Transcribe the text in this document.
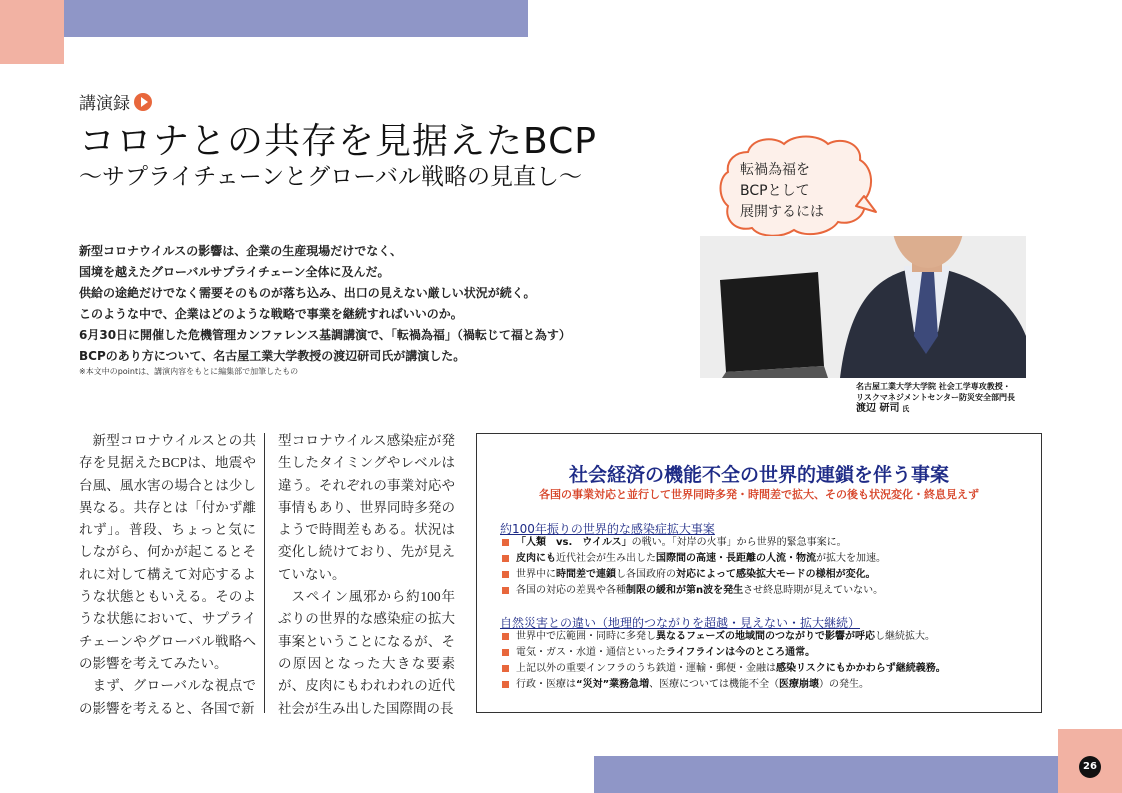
26
講演録
コロナとの共存を見据えたBCP
〜サプライチェーンとグローバル戦略の見直し〜
新型コロナウイルスの影響は、企業の生産現場だけでなく、
国境を越えたグローバルサプライチェーン全体に及んだ。
供給の途絶だけでなく需要そのものが落ち込み、出口の見えない厳しい状況が続く。
このような中で、企業はどのような戦略で事業を継続すればいいのか。
6月30日に開催した危機管理カンファレンス基調講演で、「転禍為福」（禍転じて福と為す）
BCPのあり方について、名古屋工業大学教授の渡辺研司氏が講演した。
※本文中のpointは、講演内容をもとに編集部で加筆したもの
転禍為福を
BCPとして
展開するには
名古屋工業大学大学院 社会工学専攻教授・
リスクマネジメントセンター防災安全部門長
渡辺 研司 氏

新型コロナウイルスとの共存を見据えたBCPは、地震や台風、風水害の場合とは少し異なる。共存とは「付かず離れず」。普段、ちょっと気にしながら、何かが起こるとそれに対して構えて対応するような状態ともいえる。そのような状態において、サプライチェーンやグローバル戦略への影響を考えてみたい。

まず、グローバルな視点での影響を考えると、各国で新

型コロナウイルス感染症が発生したタイミングやレベルは違う。それぞれの事業対応や事情もあり、世界同時多発のようで時間差もある。状況は変化し続けており、先が見えていない。

スペイン風邪から約100年ぶりの世界的な感染症の拡大事案ということになるが、その原因となった大きな要素が、皮肉にもわれわれの近代社会が生み出した国際間の長

社会経済の機能不全の世界的連鎖を伴う事案
各国の事業対応と並行して世界同時多発・時間差で拡大、その後も状況変化・終息見えず
約100年振りの世界的な感染症拡大事案
「人類　vs.　ウイルス」の戦い。「対岸の火事」から世界的緊急事案に。
皮肉にも近代社会が生み出した国際間の高速・長距離の人流・物流が拡大を加速。
世界中に時間差で連鎖し各国政府の対応によって感染拡大モードの様相が変化。
各国の対応の差異や各種制限の緩和が第n波を発生させ終息時期が見えていない。
自然災害との違い（地理的つながりを超越・見えない・拡大継続）
世界中で広範囲・同時に多発し異なるフェーズの地域間のつながりで影響が呼応し継続拡大。
電気・ガス・水道・通信といったライフラインは今のところ通常。
上記以外の重要インフラのうち鉄道・運輸・郵便・金融は感染リスクにもかかわらず継続義務。
行政・医療は“災対”業務急増、医療については機能不全（医療崩壊）の発生。
